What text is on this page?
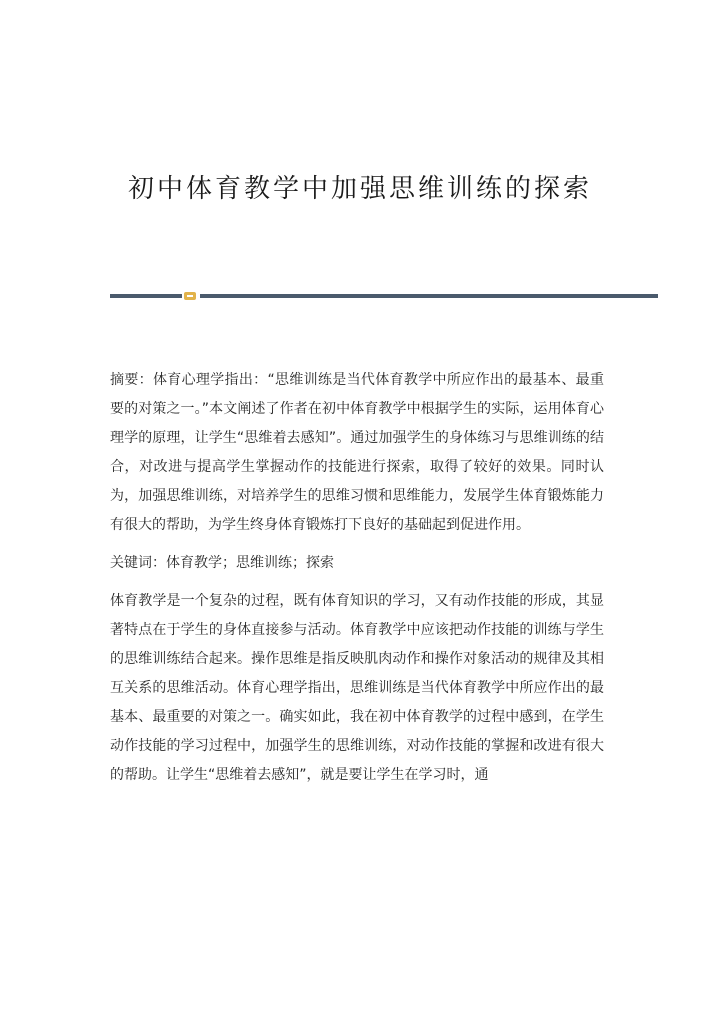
初中体育教学中加强思维训练的探索

摘要：体育心理学指出：“思维训练是当代体育教学中所应作出的最基本、最重要的对策之一。”本文阐述了作者在初中体育教学中根据学生的实际，运用体育心理学的原理，让学生“思维着去感知”。通过加强学生的身体练习与思维训练的结合，对改进与提高学生掌握动作的技能进行探索，取得了较好的效果。同时认为，加强思维训练，对培养学生的思维习惯和思维能力，发展学生体育锻炼能力有很大的帮助，为学生终身体育锻炼打下良好的基础起到促进作用。

关键词：体育教学；思维训练；探索

体育教学是一个复杂的过程，既有体育知识的学习，又有动作技能的形成，其显著特点在于学生的身体直接参与活动。体育教学中应该把动作技能的训练与学生的思维训练结合起来。操作思维是指反映肌肉动作和操作对象活动的规律及其相互关系的思维活动。体育心理学指出，思维训练是当代体育教学中所应作出的最基本、最重要的对策之一。确实如此，我在初中体育教学的过程中感到，在学生动作技能的学习过程中，加强学生的思维训练，对动作技能的掌握和改进有很大的帮助。让学生“思维着去感知”，就是要让学生在学习时，通
